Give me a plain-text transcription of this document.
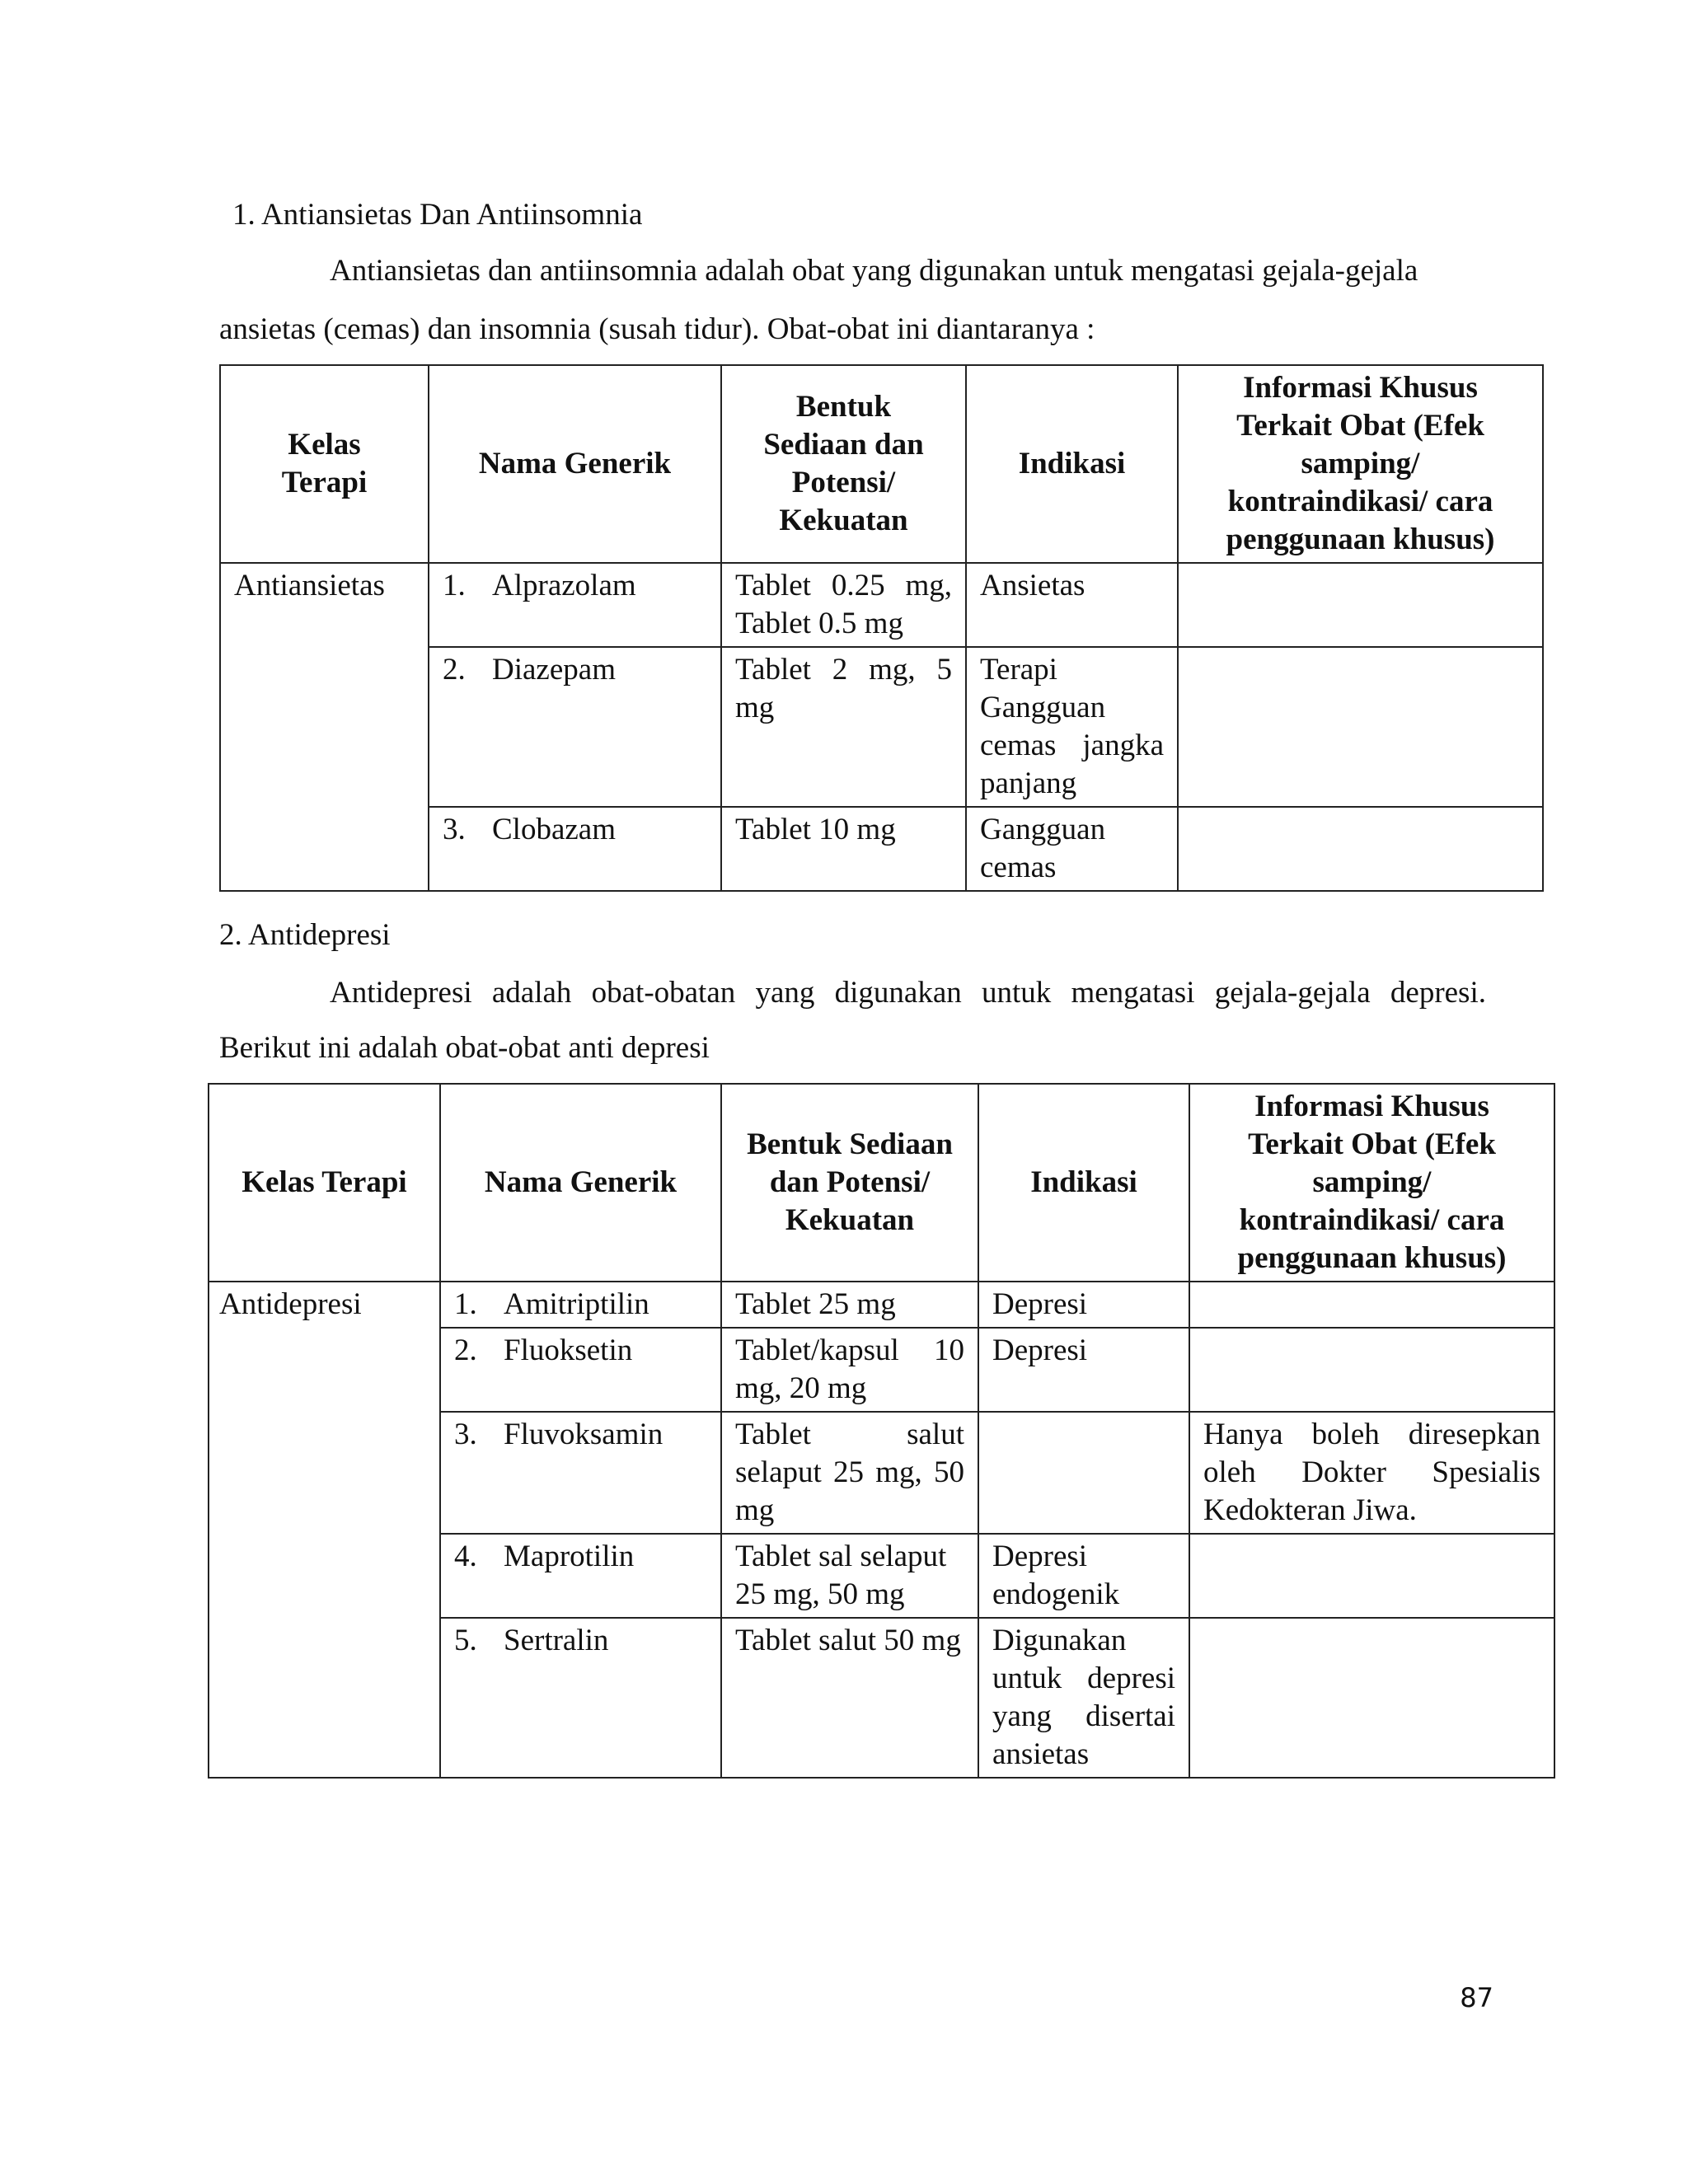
1. Antiansietas Dan Antiinsomnia
Antiansietas dan antiinsomnia adalah obat yang digunakan untuk mengatasi gejala-gejala
ansietas (cemas) dan insomnia (susah tidur). Obat-obat ini diantaranya :
Kelas Terapi	Nama Generik	Bentuk Sediaan dan Potensi/ Kekuatan	Indikasi	Informasi Khusus Terkait Obat (Efek samping/ kontraindikasi/ cara penggunaan khusus)
Antiansietas	1. Alprazolam	Tablet 0.25 mg, Tablet 0.5 mg	Ansietas	
	2. Diazepam	Tablet 2 mg, 5 mg	Terapi Gangguan cemas jangka panjang	
	3. Clobazam	Tablet 10 mg	Gangguan cemas	
2. Antidepresi
Antidepresi adalah obat-obatan yang digunakan untuk mengatasi gejala-gejala depresi.
Berikut ini adalah obat-obat anti depresi
Kelas Terapi	Nama Generik	Bentuk Sediaan dan Potensi/ Kekuatan	Indikasi	Informasi Khusus Terkait Obat (Efek samping/ kontraindikasi/ cara penggunaan khusus)
Antidepresi	1. Amitriptilin	Tablet 25 mg	Depresi	
	2. Fluoksetin	Tablet/kapsul 10 mg, 20 mg	Depresi	
	3. Fluvoksamin	Tablet salut selaput 25 mg, 50 mg		Hanya boleh diresepkan oleh Dokter Spesialis Kedokteran Jiwa.
	4. Maprotilin	Tablet sal selaput 25 mg, 50 mg	Depresi endogenik	
	5. Sertralin	Tablet salut 50 mg	Digunakan untuk depresi yang disertai ansietas	
87
